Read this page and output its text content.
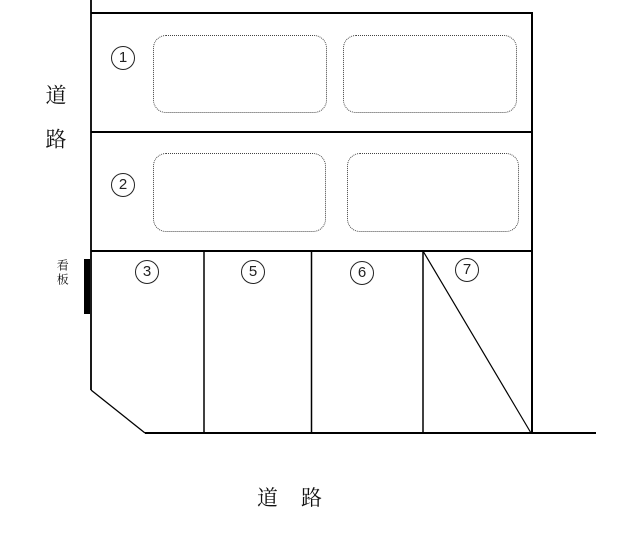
1
2
3	5	6	7
道路
看板
道路
